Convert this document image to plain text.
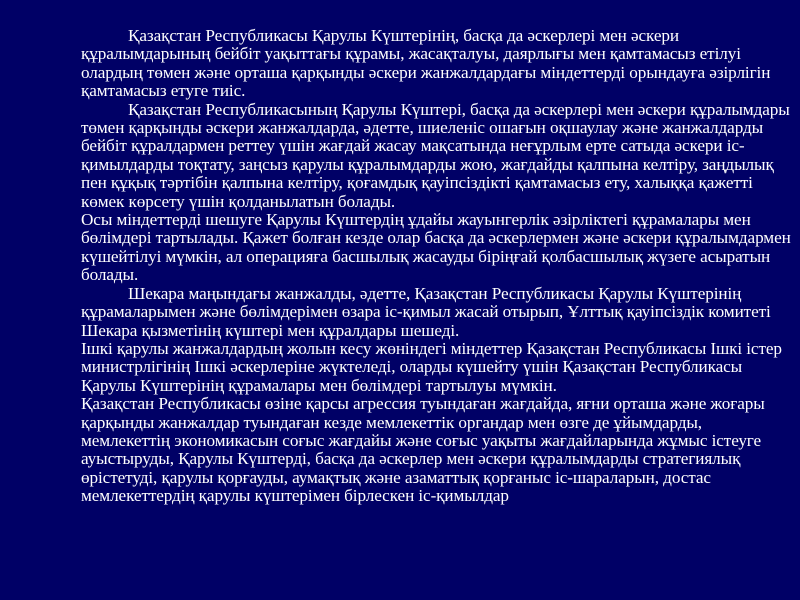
Қазақстан Республикасы Қарулы Күштерінің, басқа да әскерлері мен әскери құралымдарының бейбіт уақыттағы құрамы, жасақталуы, даярлығы мен қамтамасыз етілуі олардың төмен және орташа қарқынды әскери жанжалдардағы міндеттерді орындауға әзірлігін қамтамасыз етуге тиіс.

Қазақстан Республикасының Қарулы Күштері, басқа да әскерлері мен әскери құралымдары төмен қарқынды әскери жанжалдарда, әдетте, шиеленіс ошағын оқшаулау және жанжалдарды бейбіт құралдармен реттеу үшін жағдай жасау мақсатында неғұрлым ерте сатыда әскери іс-қимылдарды тоқтату, заңсыз қарулы құралымдарды жою, жағдайды қалпына келтіру, заңдылық пен құқық тәртібін қалпына келтіру, қоғамдық қауіпсіздікті қамтамасыз ету, халыққа қажетті көмек көрсету үшін қолданылатын болады.

Осы міндеттерді шешуге Қарулы Күштердің ұдайы жауынгерлік әзірліктегі құрамалары мен бөлімдері тартылады. Қажет болған кезде олар басқа да әскерлермен және әскери құралымдармен күшейтілуі мүмкін, ал операцияға басшылық жасауды біріңғай қолбасшылық жүзеге асыратын болады.

Шекара маңындағы жанжалды, әдетте, Қазақстан Республикасы Қарулы Күштерінің құрамаларымен және бөлімдерімен өзара іс-қимыл жасай отырып, Ұлттық қауіпсіздік комитеті Шекара қызметінің күштері мен құралдары шешеді.

Ішкі қарулы жанжалдардың жолын кесу жөніндегі міндеттер Қазақстан Республикасы Ішкі істер министрлігінің Ішкі әскерлеріне жүктеледі, оларды күшейту үшін Қазақстан Республикасы Қарулы Күштерінің құрамалары мен бөлімдері тартылуы мүмкін.

Қазақстан Республикасы өзіне қарсы агрессия туындаған жағдайда, яғни орташа және жоғары қарқынды жанжалдар туындаған кезде мемлекеттік органдар мен өзге де ұйымдарды, мемлекеттің экономикасын соғыс жағдайы және соғыс уақыты жағдайларында жұмыс істеуге ауыстыруды, Қарулы Күштерді, басқа да әскерлер мен әскери құралымдарды стратегиялық өрістетуді, қарулы қорғауды, аумақтық және азаматтық қорғаныс іс-шараларын, достас мемлекеттердің қарулы күштерімен бірлескен іс-қимылдар
